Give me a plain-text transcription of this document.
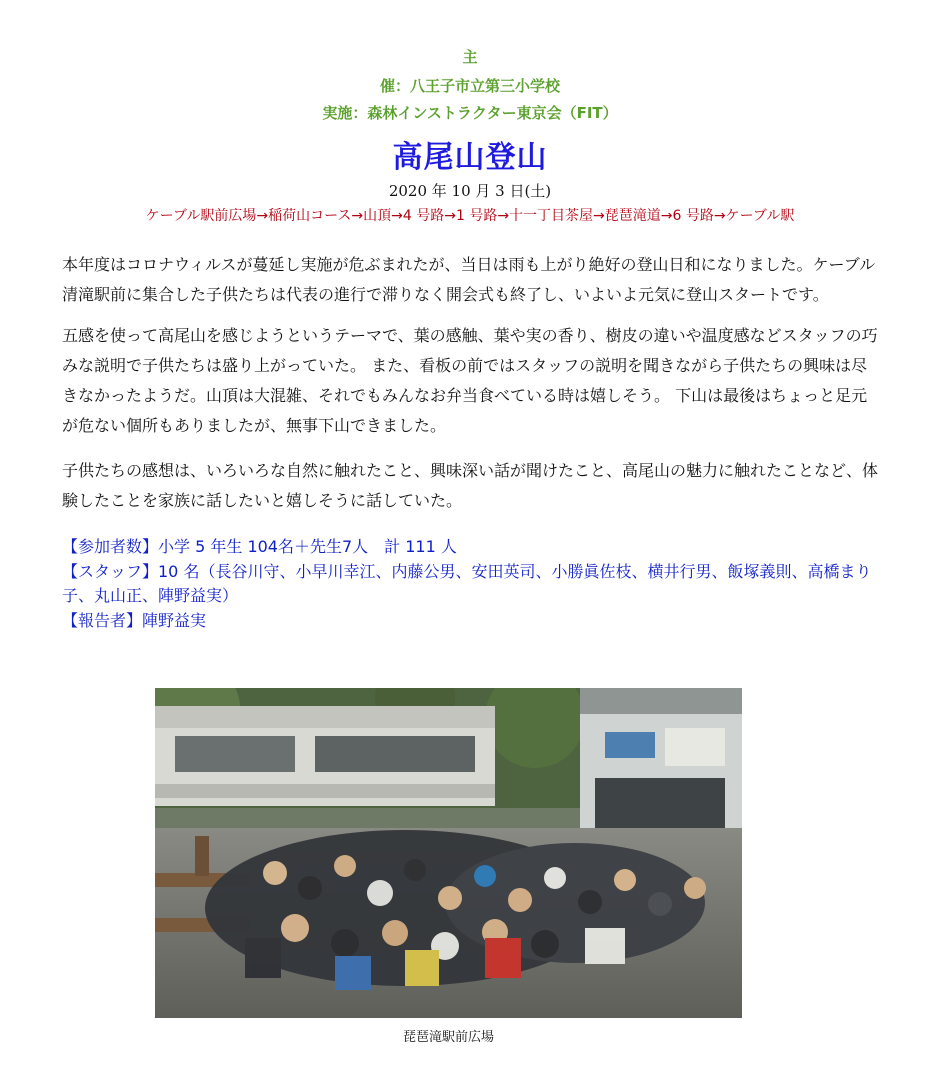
主
催：八王子市立第三小学校
実施：森林インストラクター東京会（FIT）
高尾山登山
2020 年 10 月 3 日(土)
ケーブル駅前広場→稲荷山コース→山頂→4 号路→1 号路→十一丁目茶屋→琵琶滝道→6 号路→ケーブル駅

本年度はコロナウィルスが蔓延し実施が危ぶまれたが、当日は雨も上がり絶好の登山日和になりました。ケーブル清滝駅前に集合した子供たちは代表の進行で滞りなく開会式も終了し、いよいよ元気に登山スタートです。

五感を使って高尾山を感じようというテーマで、葉の感触、葉や実の香り、樹皮の違いや温度感などスタッフの巧みな説明で子供たちは盛り上がっていた。 また、看板の前ではスタッフの説明を聞きながら子供たちの興味は尽きなかったようだ。山頂は大混雑、それでもみんなお弁当食べている時は嬉しそう。 下山は最後はちょっと足元が危ない個所もありましたが、無事下山できました。

子供たちの感想は、いろいろな自然に触れたこと、興味深い話が聞けたこと、高尾山の魅力に触れたことなど、体験したことを家族に話したいと嬉しそうに話していた。

【参加者数】小学 5 年生 104名＋先生7人　計 111 人

【スタッフ】10 名（長谷川守、小早川幸江、内藤公男、安田英司、小勝眞佐枝、横井行男、飯塚義則、高橋まり子、丸山正、陣野益実）

【報告者】陣野益実

琵琶滝駅前広場
